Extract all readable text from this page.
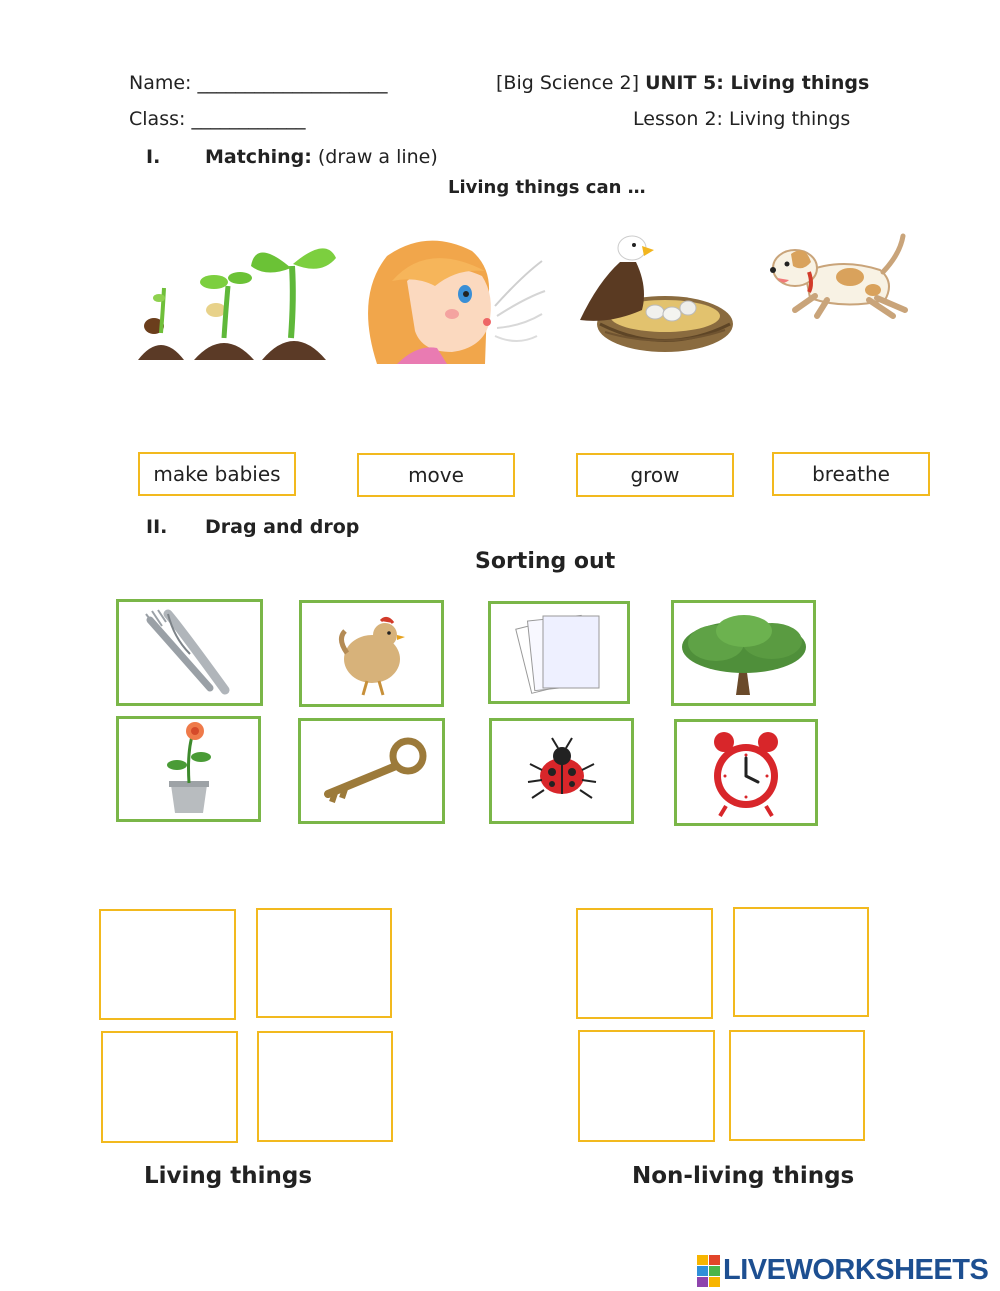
Name: ____________________	[Big Science 2] UNIT 5: Living things
Class: ____________	Lesson 2: Living things
I. Matching: (draw a line)
Living things can …
make babies	move	grow	breathe
II. Drag and drop
Sorting out
Living things	Non-living things
LIVEWORKSHEETS
